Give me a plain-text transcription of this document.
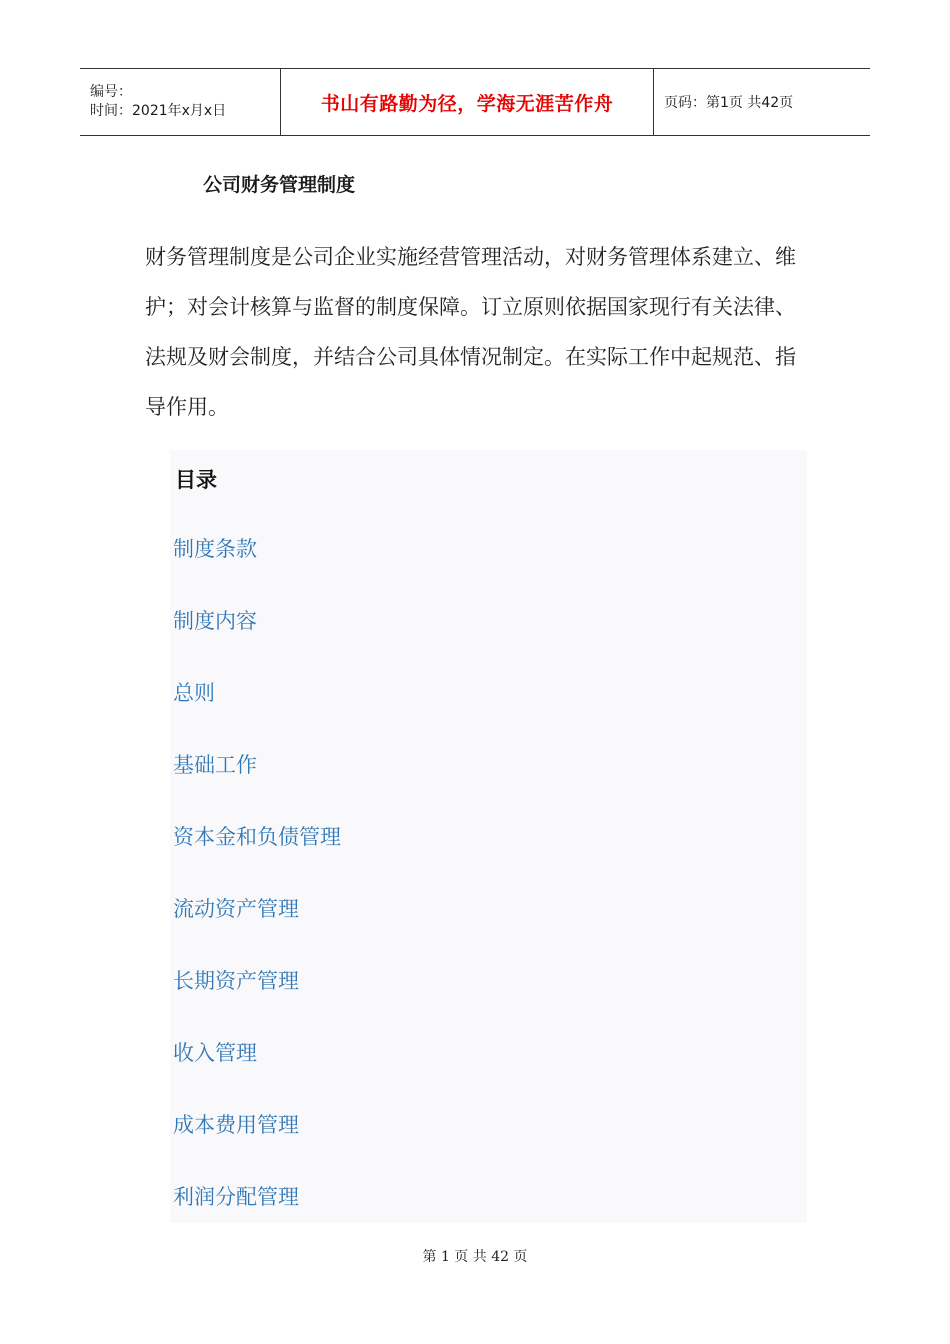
编号：
时间：2021年x月x日	书山有路勤为径，学海无涯苦作舟	页码：第1页 共42页
公司财务管理制度
财务管理制度是公司企业实施经营管理活动，对财务管理体系建立、维护；对会计核算与监督的制度保障。订立原则依据国家现行有关法律、法规及财会制度，并结合公司具体情况制定。在实际工作中起规范、指导作用。
目录
制度条款
制度内容
总则
基础工作
资本金和负债管理
流动资产管理
长期资产管理
收入管理
成本费用管理
利润分配管理
第 1 页 共 42 页
